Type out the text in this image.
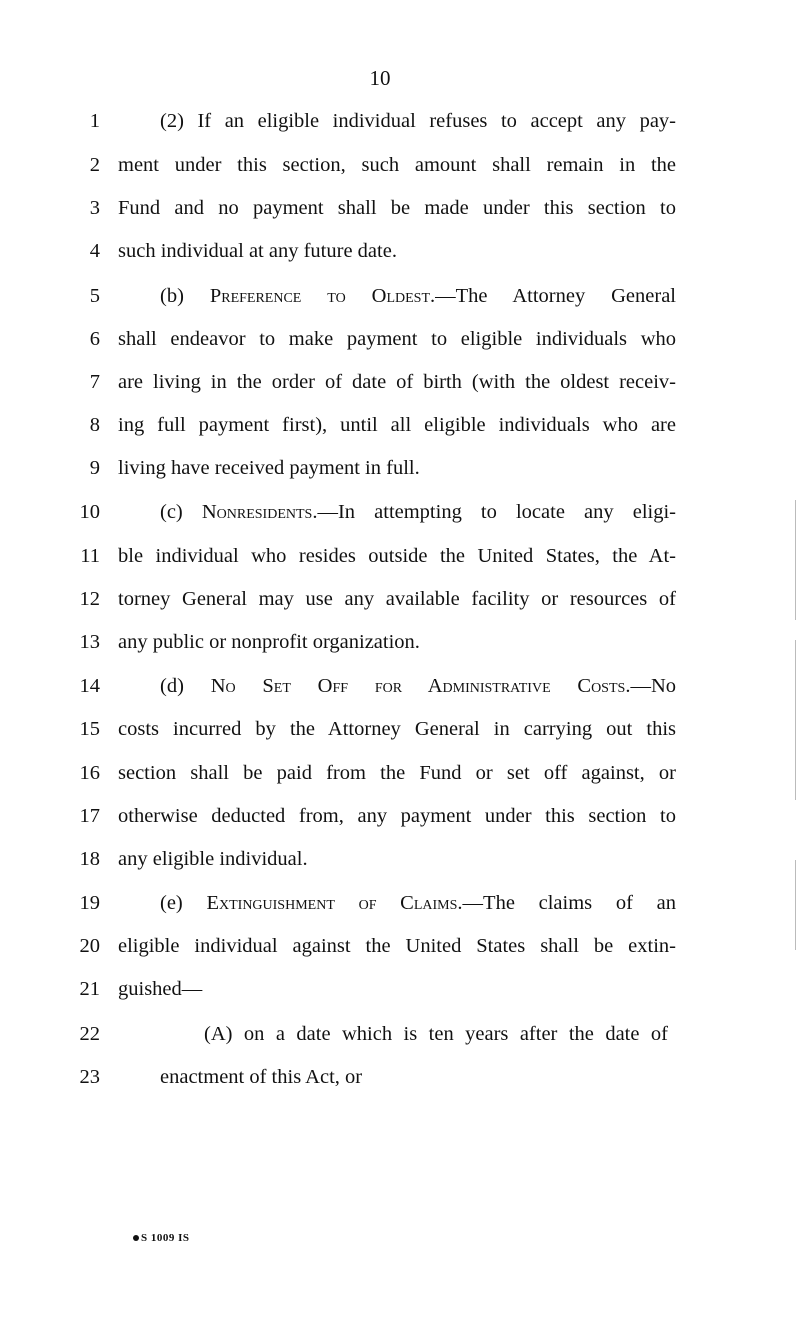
10
1	(2) If an eligible individual refuses to accept any pay-
2 ment under this section, such amount shall remain in the
3 Fund and no payment shall be made under this section to
4 such individual at any future date.
5	(b) Preference to Oldest.—The Attorney General
6 shall endeavor to make payment to eligible individuals who
7 are living in the order of date of birth (with the oldest receiv-
8 ing full payment first), until all eligible individuals who are
9 living have received payment in full.
10	(c) Nonresidents.—In attempting to locate any eligi-
11 ble individual who resides outside the United States, the At-
12 torney General may use any available facility or resources of
13 any public or nonprofit organization.
14	(d) No Set Off for Administrative Costs.—No
15 costs incurred by the Attorney General in carrying out this
16 section shall be paid from the Fund or set off against, or
17 otherwise deducted from, any payment under this section to
18 any eligible individual.
19	(e) Extinguishment of Claims.—The claims of an
20 eligible individual against the United States shall be extin-
21 guished—
22	(A) on a date which is ten years after the date of
23	enactment of this Act, or
S 1009 IS
